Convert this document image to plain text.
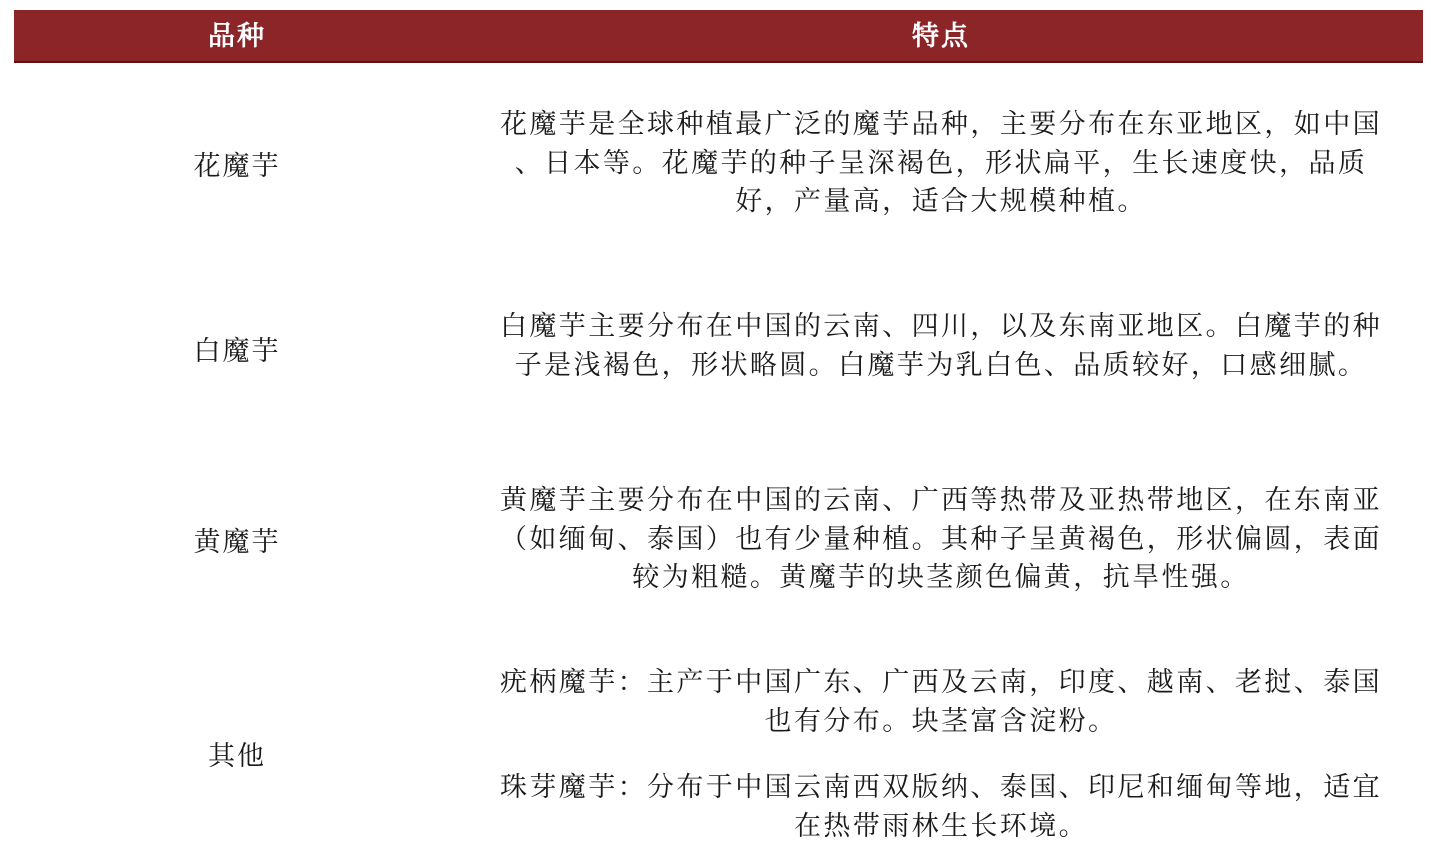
品种	特点
花魔芋

花魔芋是全球种植最广泛的魔芋品种，主要分布在东亚地区，如中国
、日本等。花魔芋的种子呈深褐色，形状扁平，生长速度快，品质
好，产量高，适合大规模种植。

白魔芋

白魔芋主要分布在中国的云南、四川，以及东南亚地区。白魔芋的种
子是浅褐色，形状略圆。白魔芋为乳白色、品质较好，口感细腻。

黄魔芋

黄魔芋主要分布在中国的云南、广西等热带及亚热带地区，在东南亚
（如缅甸、泰国）也有少量种植。其种子呈黄褐色，形状偏圆，表面
较为粗糙。黄魔芋的块茎颜色偏黄，抗旱性强。

其他

疣柄魔芋：主产于中国广东、广西及云南，印度、越南、老挝、泰国
也有分布。块茎富含淀粉。

珠芽魔芋：分布于中国云南西双版纳、泰国、印尼和缅甸等地，适宜
在热带雨林生长环境。
